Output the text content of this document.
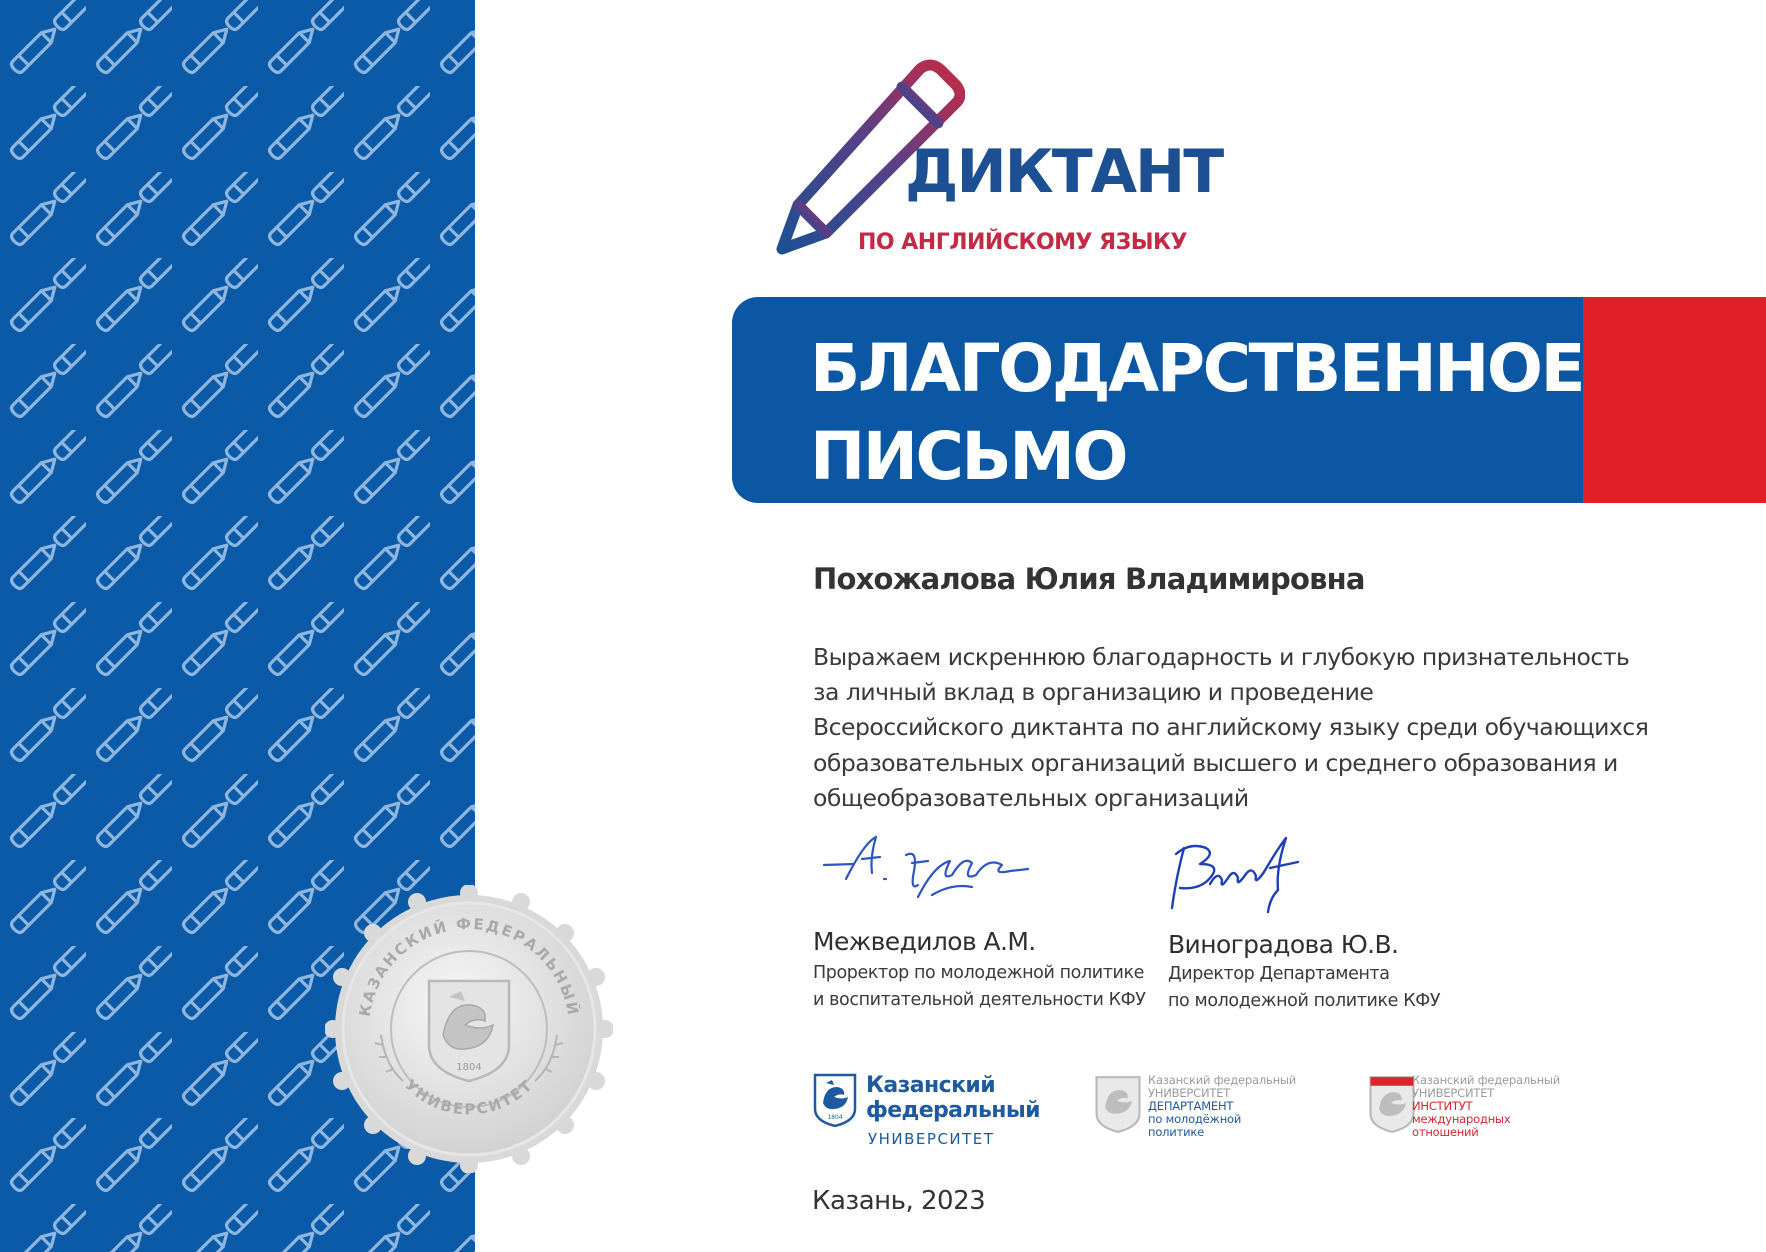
КАЗАНСКИЙ ФЕДЕРАЛЬНЫЙ
УНИВЕРСИТЕТ
1804
ДИКТАНТ
ПО АНГЛИЙСКОМУ ЯЗЫКУ
БЛАГОДАРСТВЕННОЕ
ПИСЬМО
Похожалова Юлия Владимировна

Выражаем искреннюю благодарность и глубокую признательность
за личный вклад в организацию и проведение
Всероссийского диктанта по английскому языку среди обучающихся
образовательных организаций высшего и среднего образования и
общеобразовательных организаций

Межведилов А.М.
Проректор по молодежной политике
и воспитательной деятельности КФУ
Виноградова Ю.В.
Директор Департамента
по молодежной политике КФУ
1804
Казанский
федеральный
УНИВЕРСИТЕТ
Казанский федеральный
УНИВЕРСИТЕТ
ДЕПАРТАМЕНТ
по молодёжной
политике
Казанский федеральный
УНИВЕРСИТЕТ
ИНСТИТУТ
международных
отношений
Казань, 2023
